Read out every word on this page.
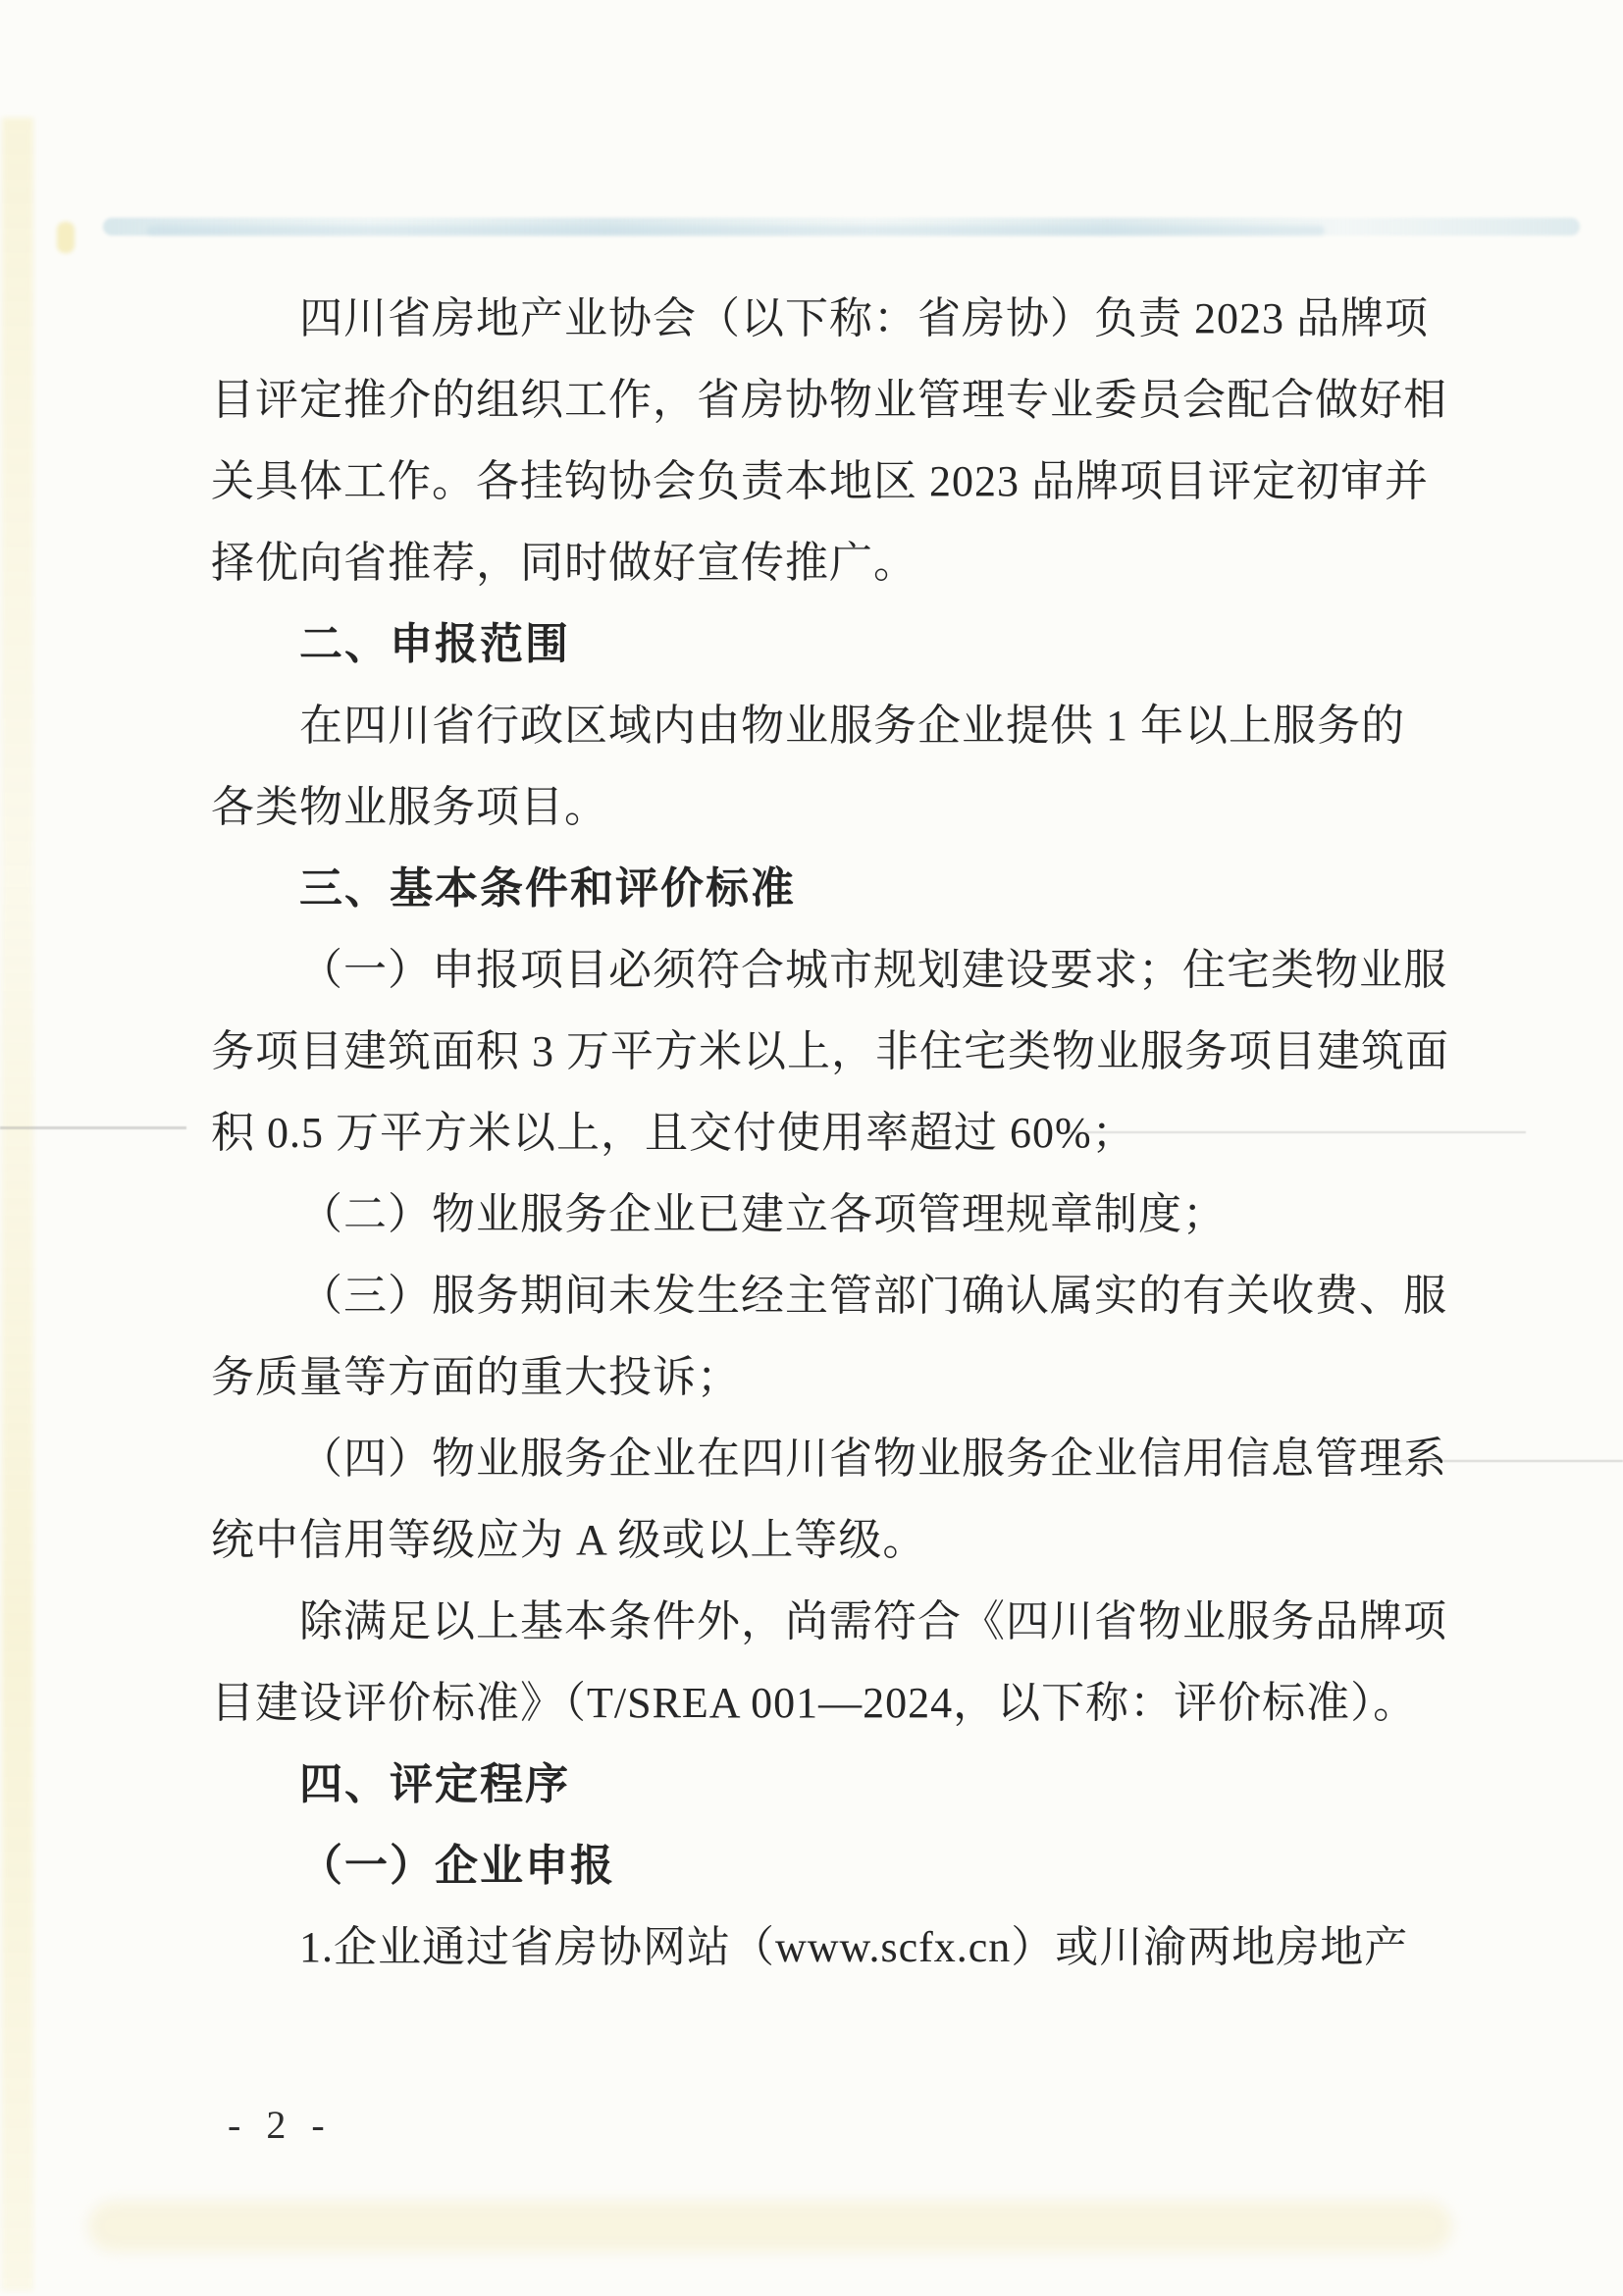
四川省房地产业协会（以下称：省房协）负责 2023 品牌项

目评定推介的组织工作，省房协物业管理专业委员会配合做好相

关具体工作。各挂钩协会负责本地区 2023 品牌项目评定初审并

择优向省推荐，同时做好宣传推广。

二、申报范围

在四川省行政区域内由物业服务企业提供 1 年以上服务的

各类物业服务项目。

三、基本条件和评价标准

（一）申报项目必须符合城市规划建设要求；住宅类物业服

务项目建筑面积 3 万平方米以上，非住宅类物业服务项目建筑面

积 0.5 万平方米以上，且交付使用率超过 60%；

（二）物业服务企业已建立各项管理规章制度；

（三）服务期间未发生经主管部门确认属实的有关收费、服

务质量等方面的重大投诉；

（四）物业服务企业在四川省物业服务企业信用信息管理系

统中信用等级应为 A 级或以上等级。

除满足以上基本条件外，尚需符合《四川省物业服务品牌项

目建设评价标准》（T/SREA 001—2024，以下称：评价标准）。

四、评定程序

（一）企业申报

1.企业通过省房协网站（www.scfx.cn）或川渝两地房地产

- 2 -
